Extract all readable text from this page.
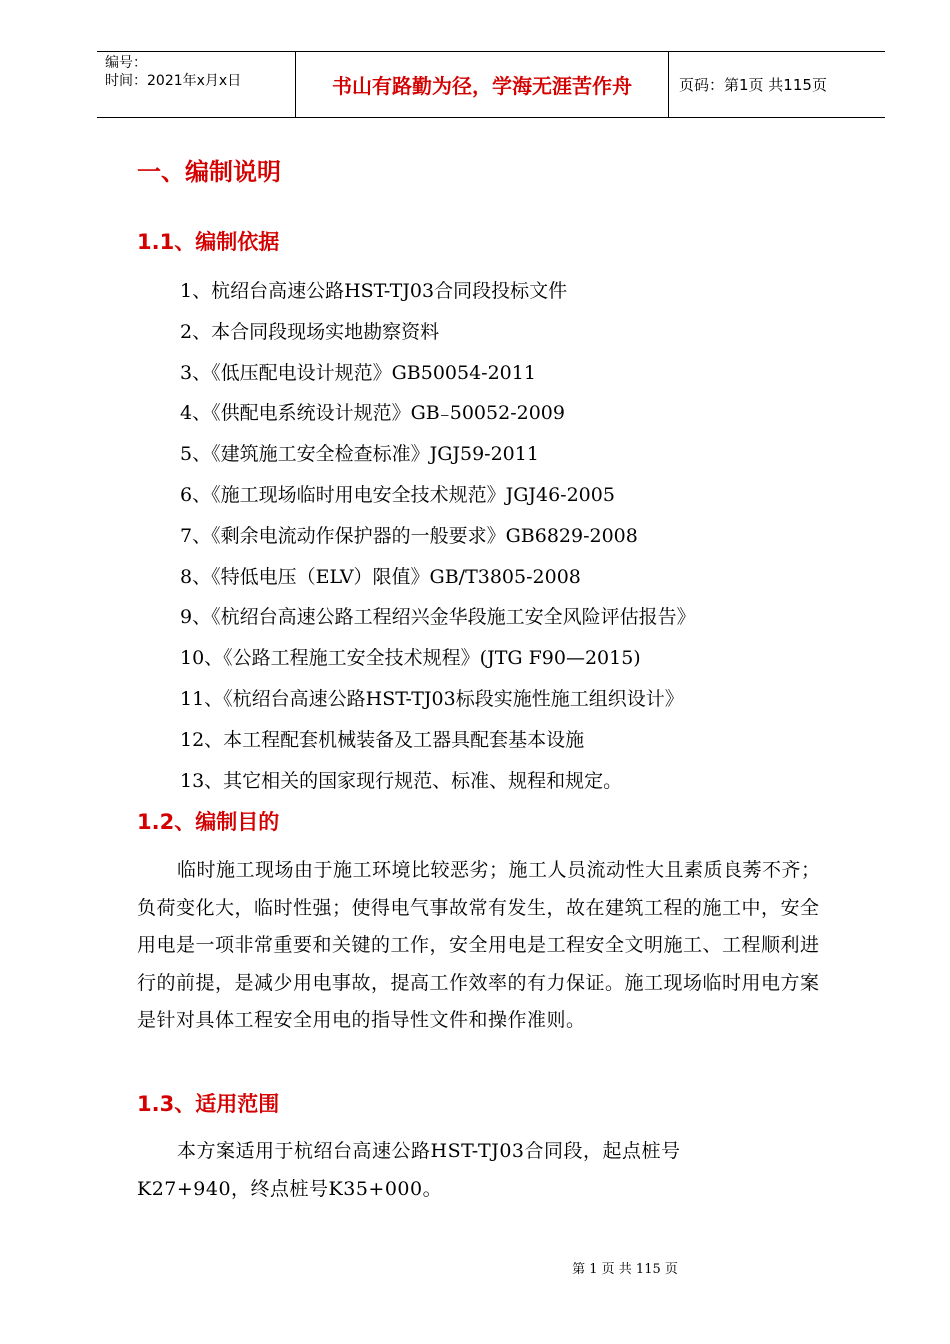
编号：
时间：2021年x月x日	书山有路勤为径，学海无涯苦作舟	页码：第1页 共115页
一、编制说明
1.1、编制依据
1、杭绍台高速公路HST-TJ03合同段投标文件
2、本合同段现场实地勘察资料
3、《低压配电设计规范》GB50054-2011
4、《供配电系统设计规范》GB₋50052-2009
5、《建筑施工安全检查标准》JGJ59-2011
6、《施工现场临时用电安全技术规范》JGJ46-2005
7、《剩余电流动作保护器的一般要求》GB6829-2008
8、《特低电压（ELV）限值》GB/T3805-2008
9、《杭绍台高速公路工程绍兴金华段施工安全风险评估报告》
10、《公路工程施工安全技术规程》(JTG F90—2015)
11、《杭绍台高速公路HST-TJ03标段实施性施工组织设计》
12、本工程配套机械装备及工器具配套基本设施
13、其它相关的国家现行规范、标准、规程和规定。
1.2、编制目的
临时施工现场由于施工环境比较恶劣；施工人员流动性大且素质良莠不齐；负荷变化大，临时性强；使得电气事故常有发生，故在建筑工程的施工中，安全用电是一项非常重要和关键的工作，安全用电是工程安全文明施工、工程顺利进行的前提，是减少用电事故，提高工作效率的有力保证。施工现场临时用电方案是针对具体工程安全用电的指导性文件和操作准则。
1.3、适用范围
本方案适用于杭绍台高速公路HST-TJ03合同段，起点桩号K27+940，终点桩号K35+000。
第 1 页 共 115 页
